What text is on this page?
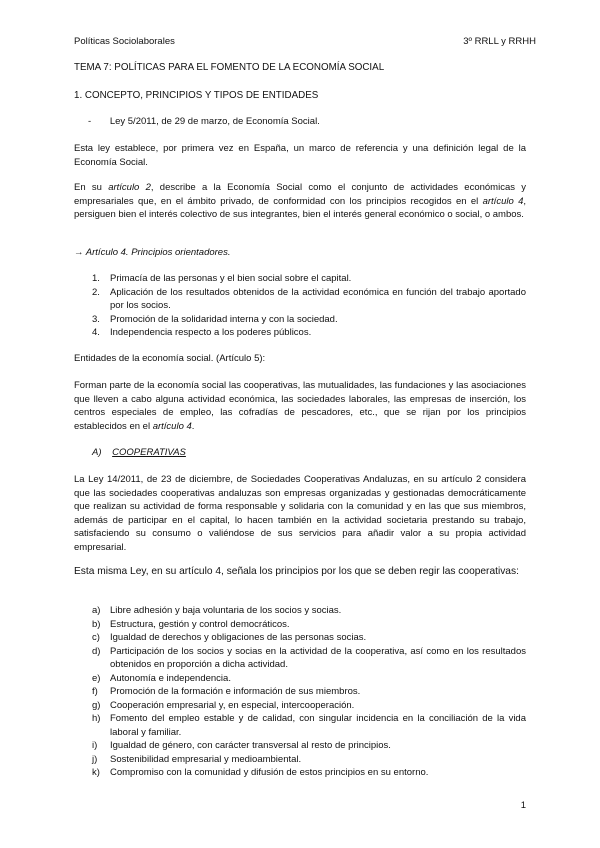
Políticas Sociolaborales	3º RRLL y RRHH
TEMA 7: POLÍTICAS PARA EL FOMENTO DE LA ECONOMÍA SOCIAL
1. CONCEPTO, PRINCIPIOS Y TIPOS DE ENTIDADES
- Ley 5/2011, de 29 de marzo, de Economía Social.
Esta ley establece, por primera vez en España, un marco de referencia y una definición legal de la Economía Social.
En su artículo 2, describe a la Economía Social como el conjunto de actividades económicas y empresariales que, en el ámbito privado, de conformidad con los principios recogidos en el artículo 4, persiguen bien el interés colectivo de sus integrantes, bien el interés general económico o social, o ambos.
→ Artículo 4. Principios orientadores.
1. Primacía de las personas y el bien social sobre el capital.
2. Aplicación de los resultados obtenidos de la actividad económica en función del trabajo aportado por los socios.
3. Promoción de la solidaridad interna y con la sociedad.
4. Independencia respecto a los poderes públicos.
Entidades de la economía social. (Artículo 5):
Forman parte de la economía social las cooperativas, las mutualidades, las fundaciones y las asociaciones que lleven a cabo alguna actividad económica, las sociedades laborales, las empresas de inserción, los centros especiales de empleo, las cofradías de pescadores, etc., que se rijan por los principios establecidos en el artículo 4.
A) COOPERATIVAS
La Ley 14/2011, de 23 de diciembre, de Sociedades Cooperativas Andaluzas, en su artículo 2 considera que las sociedades cooperativas andaluzas son empresas organizadas y gestionadas democráticamente que realizan su actividad de forma responsable y solidaria con la comunidad y en las que sus miembros, además de participar en el capital, lo hacen también en la actividad societaria prestando su trabajo, satisfaciendo su consumo o valiéndose de sus servicios para añadir valor a su propia actividad empresarial.
Esta misma Ley, en su artículo 4, señala los principios por los que se deben regir las cooperativas:
a) Libre adhesión y baja voluntaria de los socios y socias.
b) Estructura, gestión y control democráticos.
c) Igualdad de derechos y obligaciones de las personas socias.
d) Participación de los socios y socias en la actividad de la cooperativa, así como en los resultados obtenidos en proporción a dicha actividad.
e) Autonomía e independencia.
f) Promoción de la formación e información de sus miembros.
g) Cooperación empresarial y, en especial, intercooperación.
h) Fomento del empleo estable y de calidad, con singular incidencia en la conciliación de la vida laboral y familiar.
i) Igualdad de género, con carácter transversal al resto de principios.
j) Sostenibilidad empresarial y medioambiental.
k) Compromiso con la comunidad y difusión de estos principios en su entorno.
1
